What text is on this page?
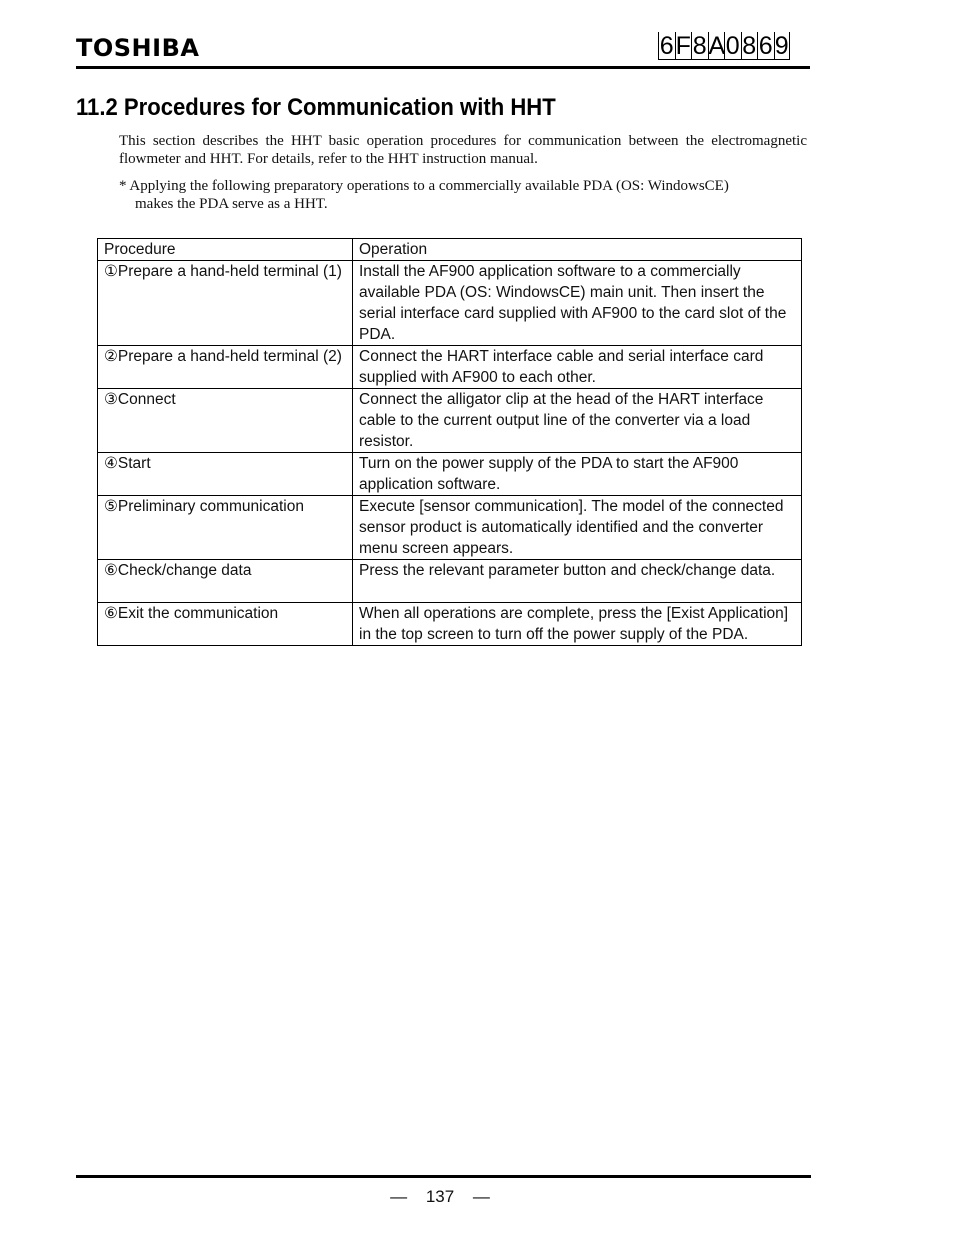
TOSHIBA	6 F 8 A 0 8 6 9
11.2 Procedures for Communication with HHT
This section describes the HHT basic operation procedures for communication between the electromagnetic flowmeter and HHT. For details, refer to the HHT instruction manual.
* Applying the following preparatory operations to a commercially available PDA (OS: WindowsCE)
makes the PDA serve as a HHT.
Procedure	Operation
①Prepare a hand-held terminal (1)	Install the AF900 application software to a commercially available PDA (OS: WindowsCE) main unit. Then insert the serial interface card supplied with AF900 to the card slot of the PDA.
②Prepare a hand-held terminal (2)	Connect the HART interface cable and serial interface card supplied with AF900 to each other.
③Connect	Connect the alligator clip at the head of the HART interface cable to the current output line of the converter via a load resistor.
④Start	Turn on the power supply of the PDA to start the AF900 application software.
⑤Preliminary communication	Execute [sensor communication]. The model of the connected sensor product is automatically identified and the converter menu screen appears.
⑥Check/change data	Press the relevant parameter button and check/change data.
⑥Exit the communication	When all operations are complete, press the [Exist Application] in the top screen to turn off the power supply of the PDA.
— 137 —
